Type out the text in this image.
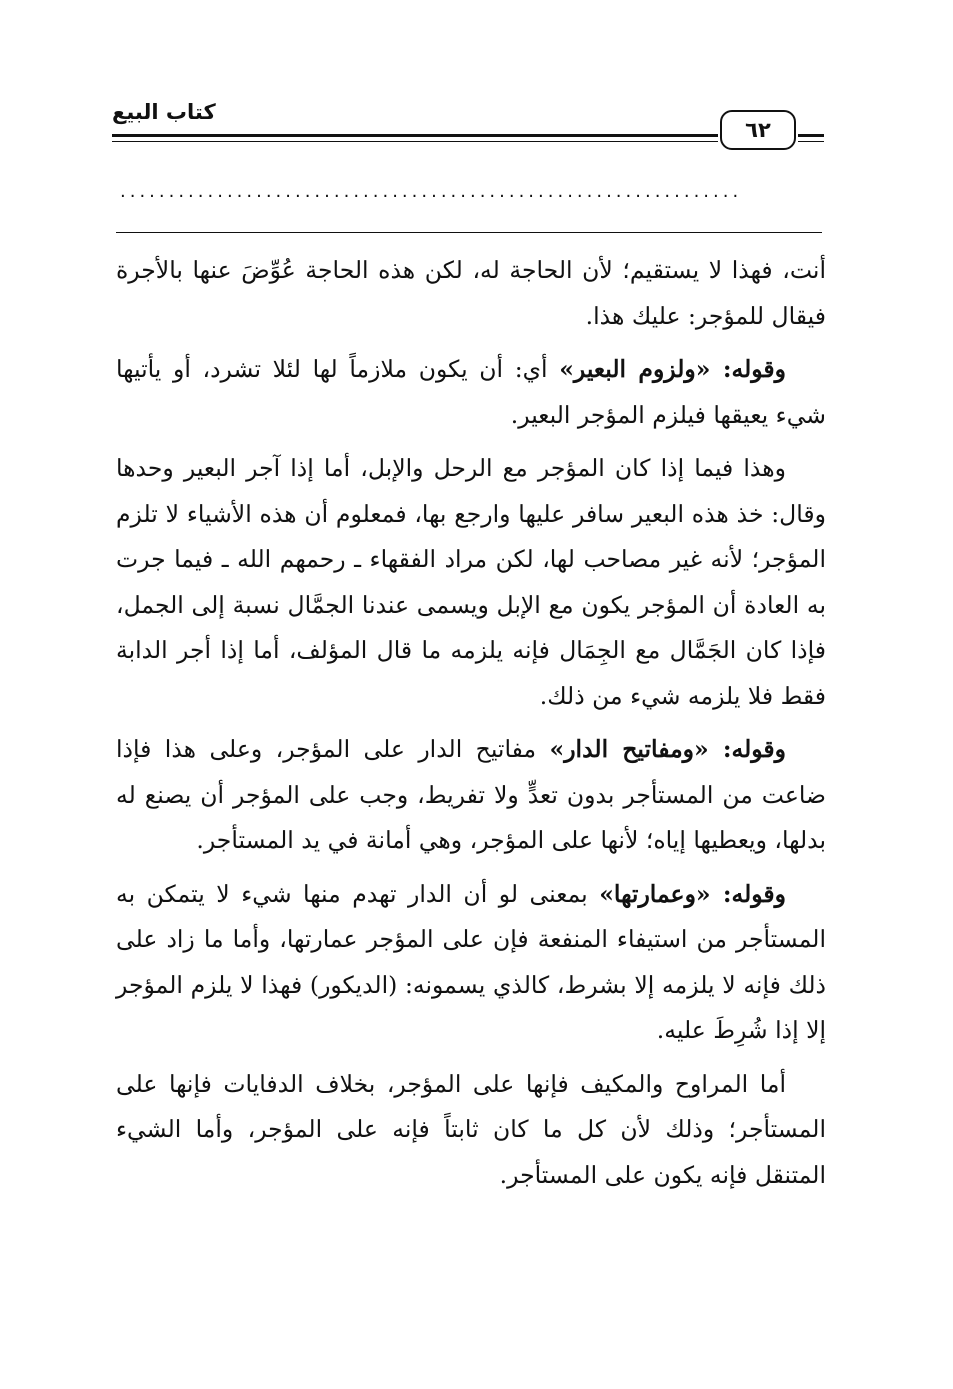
كتاب البيع
٦٢
................................................................

أنت، فهذا لا يستقيم؛ لأن الحاجة له، لكن هذه الحاجة عُوِّضَ عنها بالأجرة فيقال للمؤجر: عليك هذا.

وقوله: «ولزوم البعير» أي: أن يكون ملازماً لها لئلا تشرد، أو يأتيها شيء يعيقها فيلزم المؤجر البعير.

وهذا فيما إذا كان المؤجر مع الرحل والإبل، أما إذا آجر البعير وحدها وقال: خذ هذه البعير سافر عليها وارجع بها، فمعلوم أن هذه الأشياء لا تلزم المؤجر؛ لأنه غير مصاحب لها، لكن مراد الفقهاء ـ رحمهم الله ـ فيما جرت به العادة أن المؤجر يكون مع الإبل ويسمى عندنا الجمَّال نسبة إلى الجمل، فإذا كان الجَمَّال مع الجِمَال فإنه يلزمه ما قال المؤلف، أما إذا أجر الدابة فقط فلا يلزمه شيء من ذلك.

وقوله: «ومفاتيح الدار» مفاتيح الدار على المؤجر، وعلى هذا فإذا ضاعت من المستأجر بدون تعدٍّ ولا تفريط، وجب على المؤجر أن يصنع له بدلها، ويعطيها إياه؛ لأنها على المؤجر، وهي أمانة في يد المستأجر.

وقوله: «وعمارتها» بمعنى لو أن الدار تهدم منها شيء لا يتمكن به المستأجر من استيفاء المنفعة فإن على المؤجر عمارتها، وأما ما زاد على ذلك فإنه لا يلزمه إلا بشرط، كالذي يسمونه: (الديكور) فهذا لا يلزم المؤجر إلا إذا شُرِطَ عليه.

أما المراوح والمكيف فإنها على المؤجر، بخلاف الدفايات فإنها على المستأجر؛ وذلك لأن كل ما كان ثابتاً فإنه على المؤجر، وأما الشيء المتنقل فإنه يكون على المستأجر.
